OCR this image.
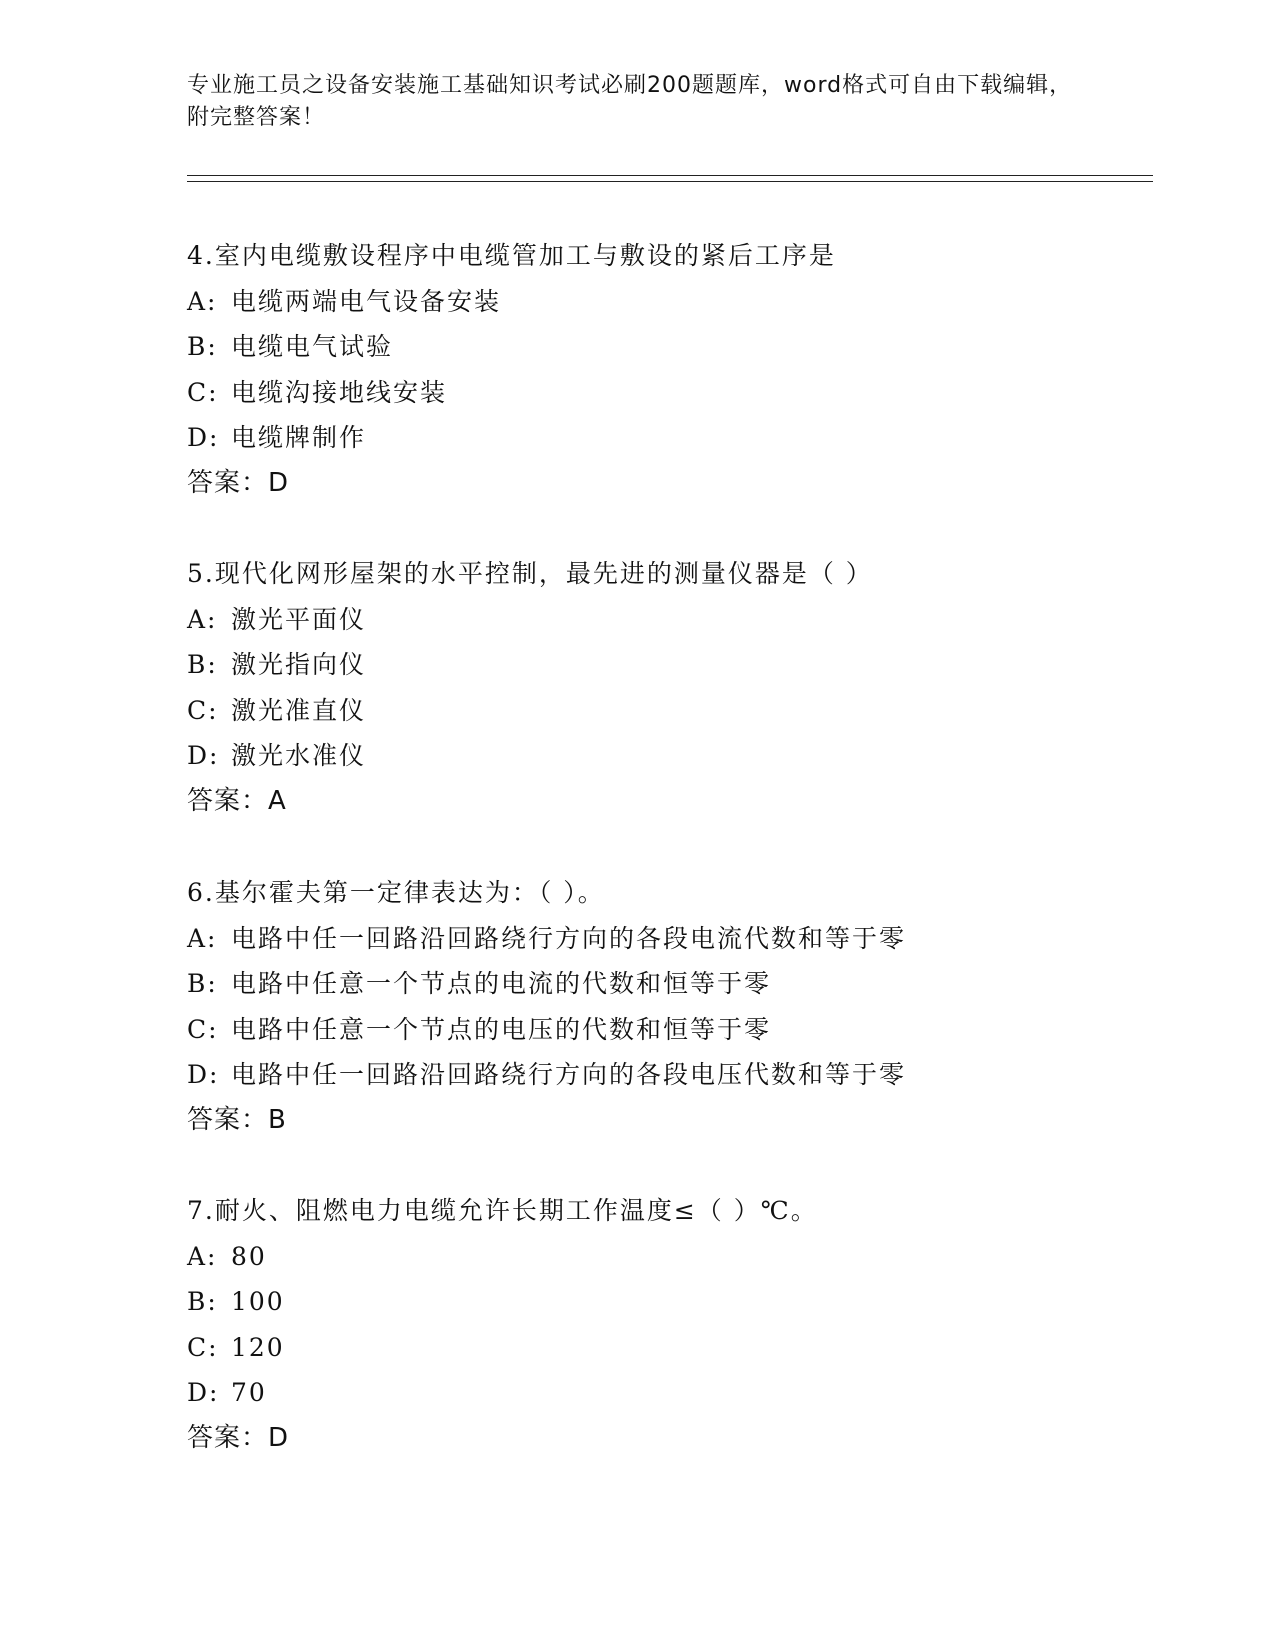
专业施工员之设备安装施工基础知识考试必刷200题题库，word格式可自由下载编辑，附完整答案！
4.室内电缆敷设程序中电缆管加工与敷设的紧后工序是
A: 电缆两端电气设备安装
B: 电缆电气试验
C: 电缆沟接地线安装
D: 电缆牌制作
答案：D
5.现代化网形屋架的水平控制，最先进的测量仪器是（ ）
A: 激光平面仪
B: 激光指向仪
C: 激光准直仪
D: 激光水准仪
答案：A
6.基尔霍夫第一定律表达为：（ ）。
A: 电路中任一回路沿回路绕行方向的各段电流代数和等于零
B: 电路中任意一个节点的电流的代数和恒等于零
C: 电路中任意一个节点的电压的代数和恒等于零
D: 电路中任一回路沿回路绕行方向的各段电压代数和等于零
答案：B
7.耐火、阻燃电力电缆允许长期工作温度≤（ ）℃。
A: 80
B: 100
C: 120
D: 70
答案：D
